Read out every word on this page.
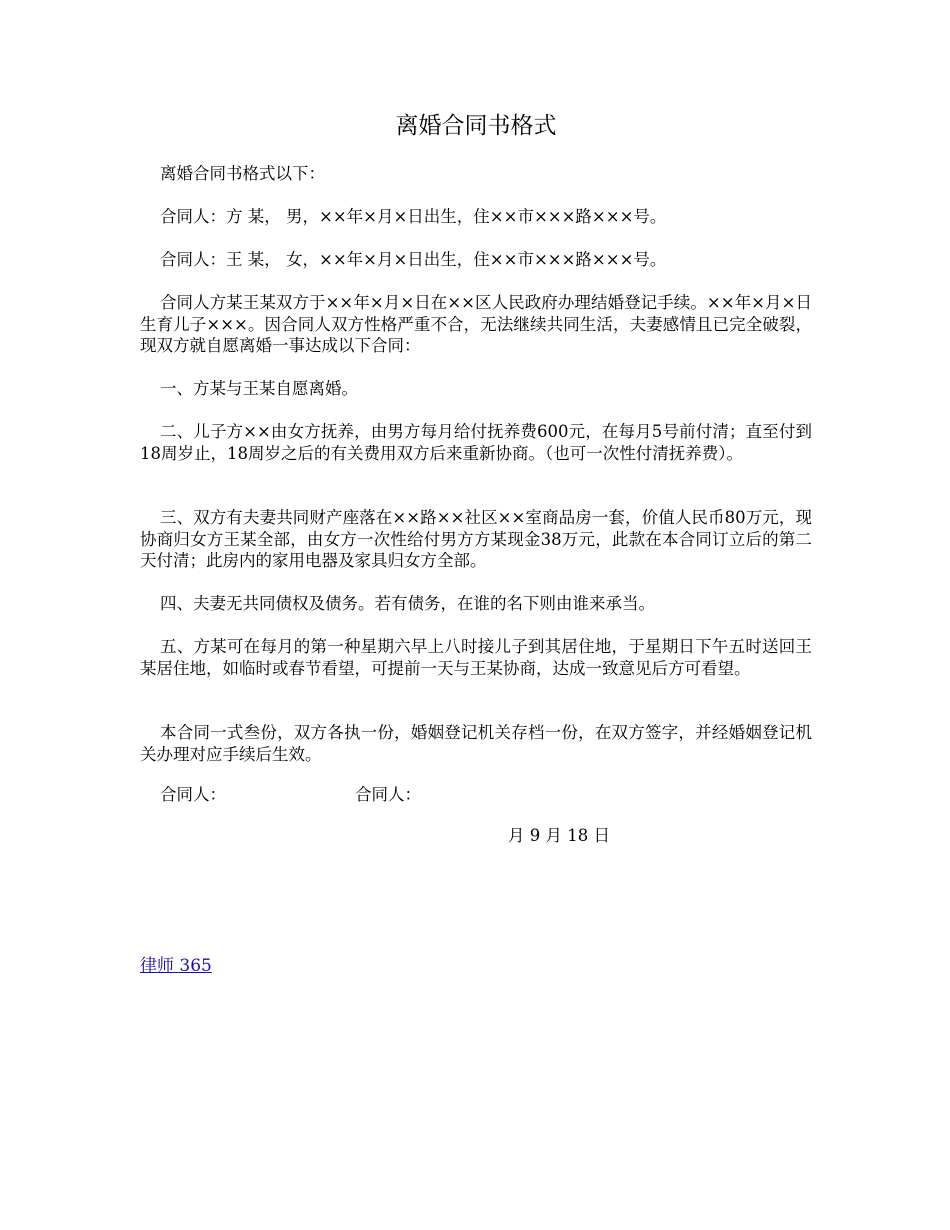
离婚合同书格式

离婚合同书格式以下：

合同人：方 某， 男，××年×月×日出生，住××市×××路×××号。

合同人：王 某， 女，××年×月×日出生，住××市×××路×××号。

合同人方某王某双方于××年×月×日在××区人民政府办理结婚登记手续。××年×月×日生育儿子×××。因合同人双方性格严重不合，无法继续共同生活，夫妻感情且已完全破裂，现双方就自愿离婚一事达成以下合同：

一、方某与王某自愿离婚。

二、儿子方××由女方抚养，由男方每月给付抚养费600元，在每月5号前付清；直至付到18周岁止，18周岁之后的有关费用双方后来重新协商。（也可一次性付清抚养费）。

三、双方有夫妻共同财产座落在××路××社区××室商品房一套，价值人民币80万元，现协商归女方王某全部，由女方一次性给付男方方某现金38万元，此款在本合同订立后的第二天付清；此房内的家用电器及家具归女方全部。

四、夫妻无共同债权及债务。若有债务，在谁的名下则由谁来承当。

五、方某可在每月的第一种星期六早上八时接儿子到其居住地，于星期日下午五时送回王某居住地，如临时或春节看望，可提前一天与王某协商，达成一致意见后方可看望。

本合同一式叁份，双方各执一份，婚姻登记机关存档一份，在双方签字，并经婚姻登记机关办理对应手续后生效。

合同人：	合同人：
月 9 月 18 日
律师 365
